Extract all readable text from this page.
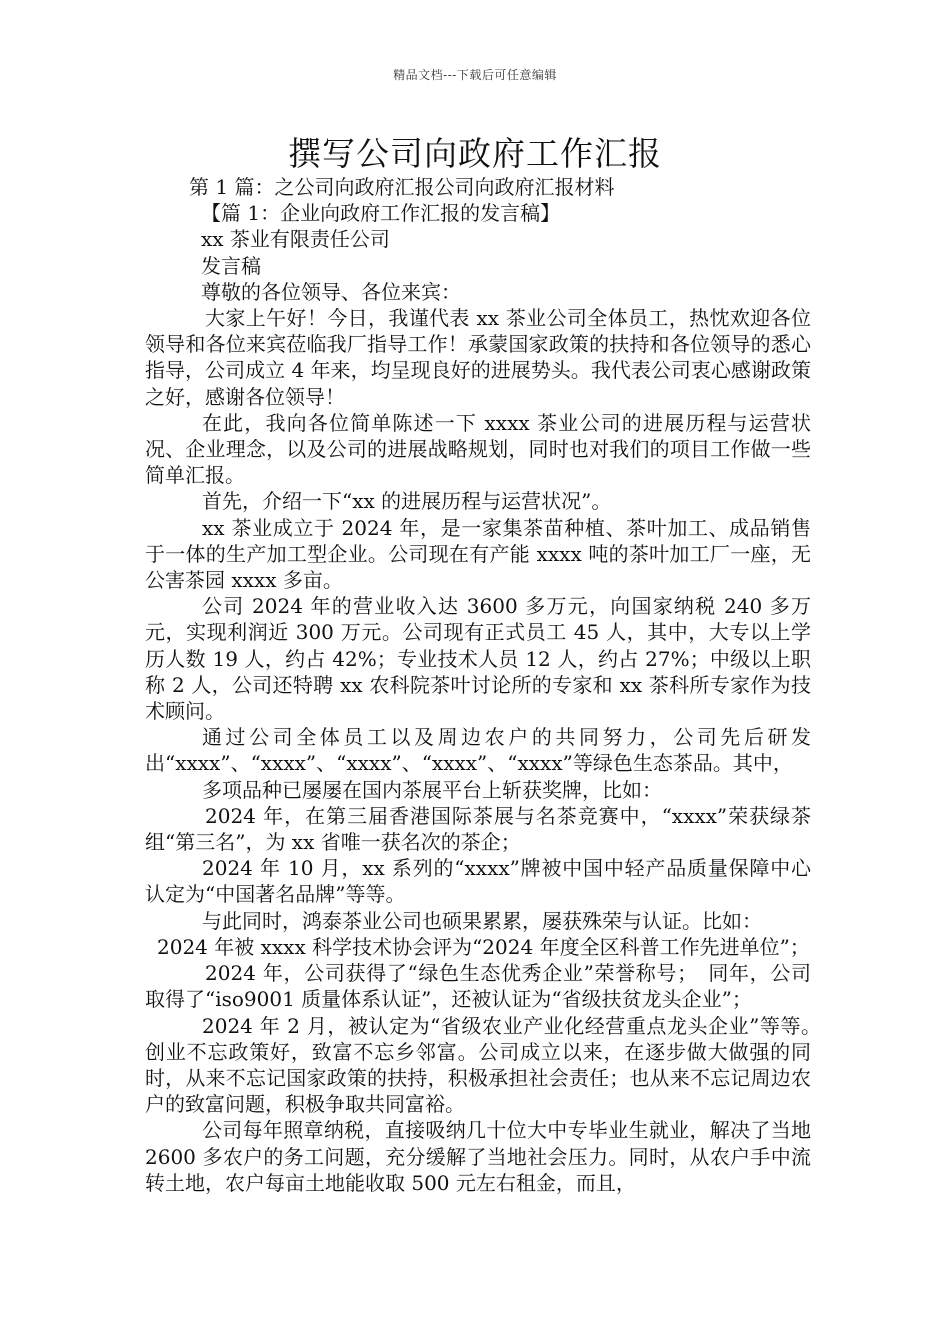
精品文档---下载后可任意编辑
撰写公司向政府工作汇报

第 1 篇：之公司向政府汇报公司向政府汇报材料

【篇 1：企业向政府工作汇报的发言稿】

xx 茶业有限责任公司

发言稿

尊敬的各位领导、各位来宾：

大家上午好！今日，我谨代表 xx 茶业公司全体员工，热忱欢迎各位领导和各位来宾莅临我厂指导工作！承蒙国家政策的扶持和各位领导的悉心指导，公司成立 4 年来，均呈现良好的进展势头。我代表公司衷心感谢政策之好，感谢各位领导！

在此，我向各位简单陈述一下 xxxx 茶业公司的进展历程与运营状况、企业理念，以及公司的进展战略规划，同时也对我们的项目工作做一些简单汇报。

首先，介绍一下“xx 的进展历程与运营状况”。

xx 茶业成立于 2024 年，是一家集茶苗种植、茶叶加工、成品销售于一体的生产加工型企业。公司现在有产能 xxxx 吨的茶叶加工厂一座，无公害茶园 xxxx 多亩。

公司 2024 年的营业收入达 3600 多万元，向国家纳税 240 多万元，实现利润近 300 万元。公司现有正式员工 45 人，其中，大专以上学历人数 19 人，约占 42%；专业技术人员 12 人，约占 27%；中级以上职称 2 人，公司还特聘 xx 农科院茶叶讨论所的专家和 xx 茶科所专家作为技术顾问。

通过公司全体员工以及周边农户的共同努力，公司先后研发出“xxxx”、“xxxx”、“xxxx”、“xxxx”、“xxxx”等绿色生态茶品。其中，

多项品种已屡屡在国内茶展平台上斩获奖牌，比如：

2024 年，在第三届香港国际茶展与名茶竞赛中，“xxxx”荣获绿茶组“第三名”，为 xx 省唯一获名次的茶企；

2024 年 10 月，xx 系列的“xxxx”牌被中国中轻产品质量保障中心认定为“中国著名品牌”等等。

与此同时，鸿泰茶业公司也硕果累累，屡获殊荣与认证。比如：

2024 年被 xxxx 科学技术协会评为“2024 年度全区科普工作先进单位”；

2024 年，公司获得了“绿色生态优秀企业”荣誉称号；　同年，公司取得了“iso9001 质量体系认证”，还被认证为“省级扶贫龙头企业”；

2024 年 2 月，被认定为“省级农业产业化经营重点龙头企业”等等。　创业不忘政策好，致富不忘乡邻富。公司成立以来，在逐步做大做强的同时，从来不忘记国家政策的扶持，积极承担社会责任；也从来不忘记周边农户的致富问题，积极争取共同富裕。

公司每年照章纳税，直接吸纳几十位大中专毕业生就业，解决了当地 2600 多农户的务工问题，充分缓解了当地社会压力。同时，从农户手中流转土地，农户每亩土地能收取 500 元左右租金，而且，
